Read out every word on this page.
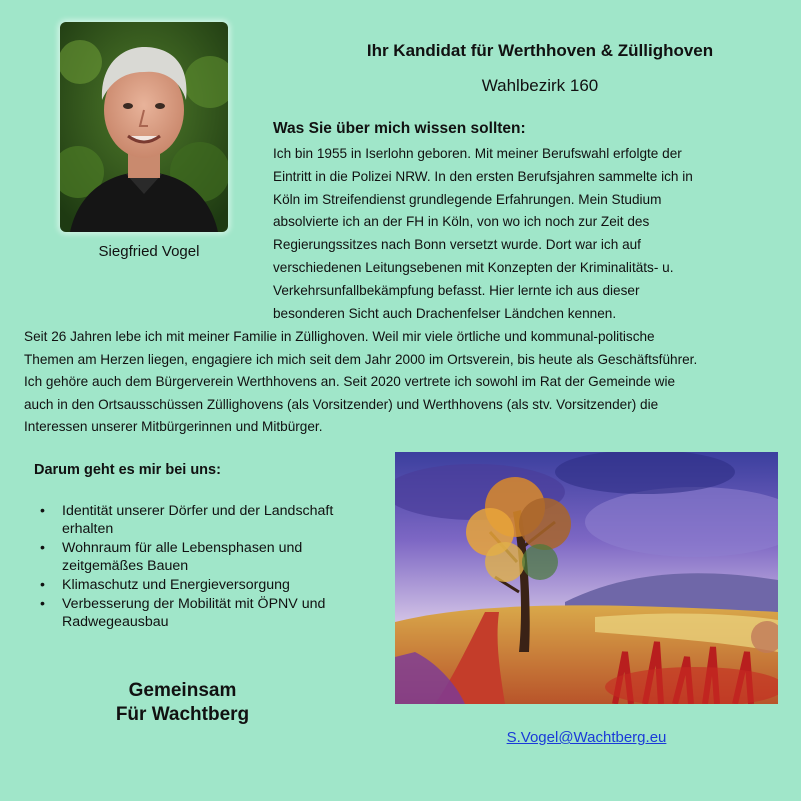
Siegfried Vogel
Ihr Kandidat für Werthhoven & Züllighoven
Wahlbezirk 160
Was Sie über mich wissen sollten:
Ich bin 1955 in Iserlohn geboren. Mit meiner Berufswahl erfolgte der
Eintritt in die Polizei NRW. In den ersten Berufsjahren sammelte ich in
Köln im Streifendienst grundlegende Erfahrungen. Mein Studium
absolvierte ich an der FH in Köln, von wo ich noch zur Zeit des
Regierungssitzes nach Bonn versetzt wurde. Dort war ich auf
verschiedenen Leitungsebenen mit Konzepten der Kriminalitäts- u.
Verkehrsunfallbekämpfung befasst. Hier lernte ich aus dieser
besonderen Sicht auch Drachenfelser Ländchen kennen.
Seit 26 Jahren lebe ich mit meiner Familie in Züllighoven. Weil mir viele örtliche und kommunal-politische
Themen am Herzen liegen, engagiere ich mich seit dem Jahr 2000 im Ortsverein, bis heute als Geschäftsführer.
Ich gehöre auch dem Bürgerverein Werthhovens an. Seit 2020 vertrete ich sowohl im Rat der Gemeinde wie
auch in den Ortsausschüssen Züllighovens (als Vorsitzender) und Werthhovens (als stv. Vorsitzender) die
Interessen unserer Mitbürgerinnen und Mitbürger.
Darum geht es mir bei uns:
• Identität unserer Dörfer und der Landschaft erhalten
• Wohnraum für alle Lebensphasen und zeitgemäßes Bauen
• Klimaschutz und Energieversorgung
• Verbesserung der Mobilität mit ÖPNV und Radwegeausbau
Gemeinsam
Für Wachtberg
S.Vogel@Wachtberg.eu
